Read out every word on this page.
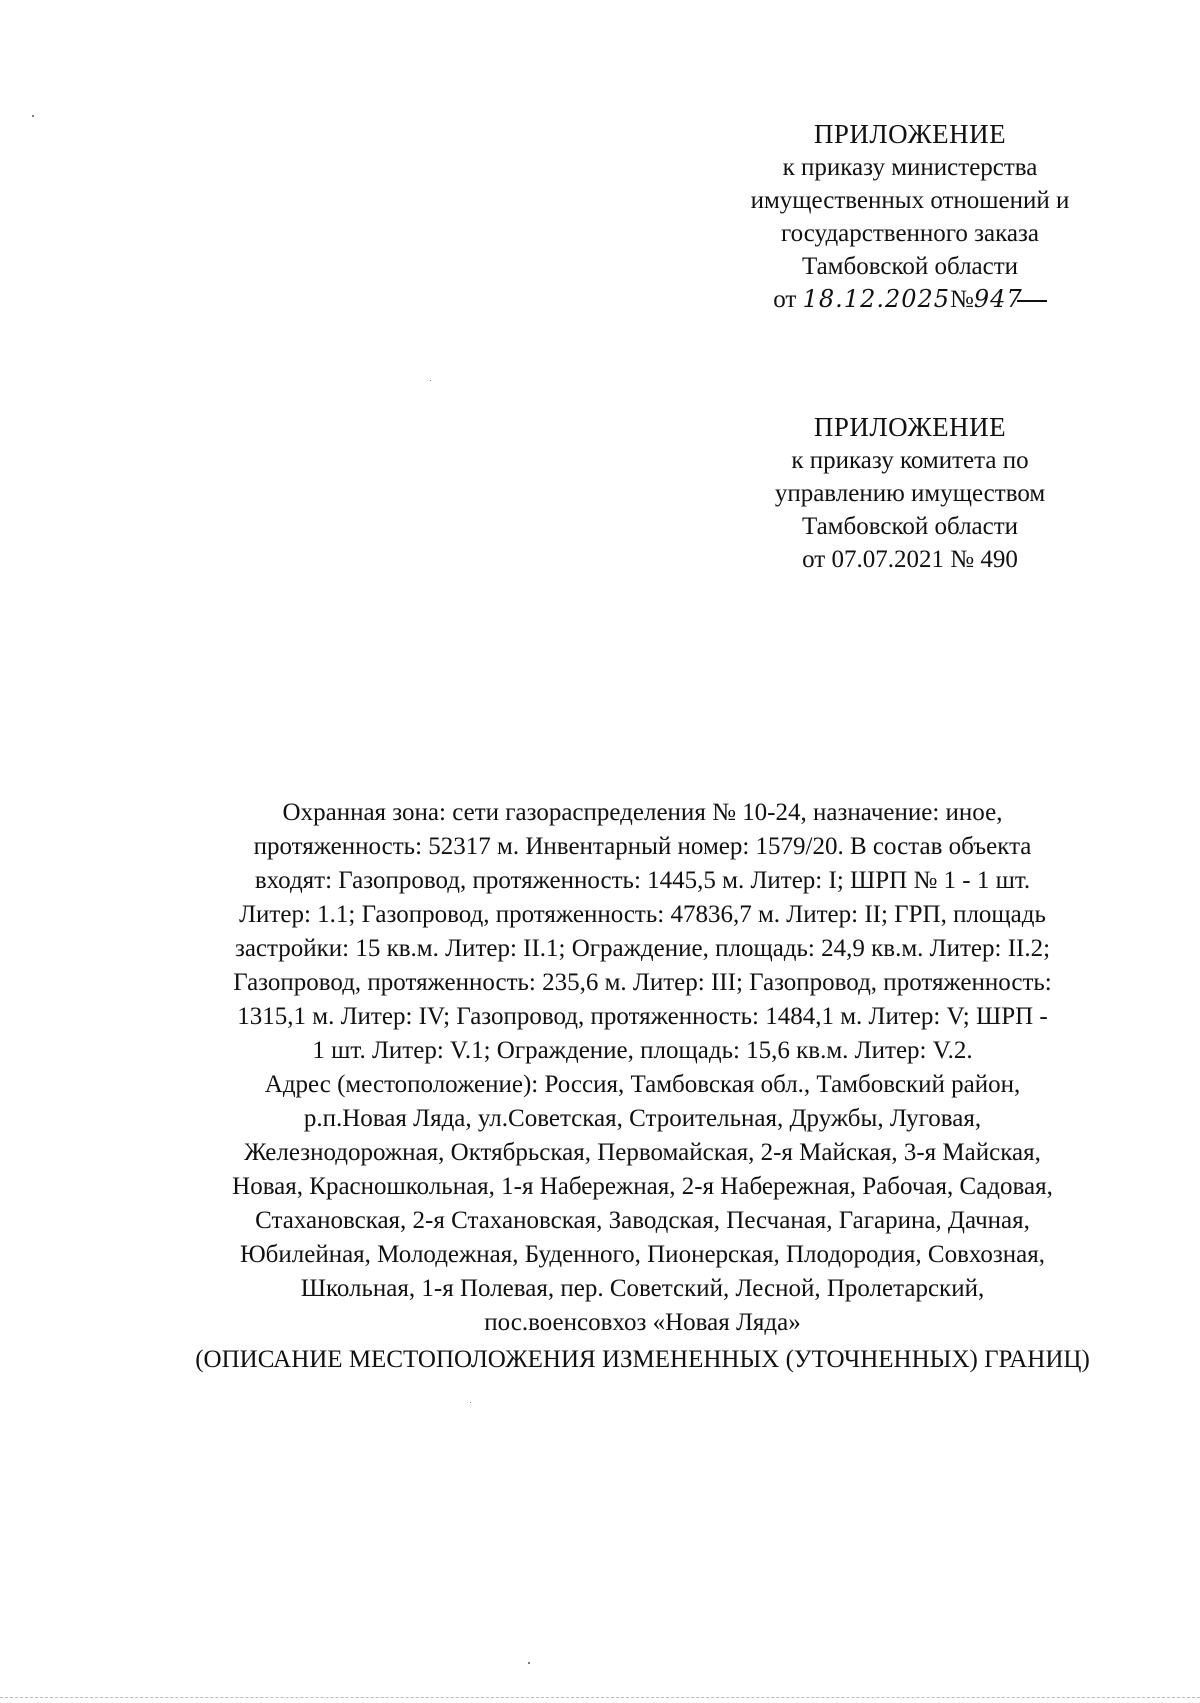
ПРИЛОЖЕНИЕ
к приказу министерства
имущественных отношений и
государственного заказа
Тамбовской области
от 18.12.2025№947
ПРИЛОЖЕНИЕ
к приказу комитета по
управлению имуществом
Тамбовской области
от 07.07.2021 № 490
Охранная зона: сети газораспределения № 10-24, назначение: иное,
протяженность: 52317 м. Инвентарный номер: 1579/20. В состав объекта
входят: Газопровод, протяженность: 1445,5 м. Литер: I; ШРП № 1 - 1 шт.
Литер: 1.1; Газопровод, протяженность: 47836,7 м. Литер: II; ГРП, площадь
застройки: 15 кв.м. Литер: II.1; Ограждение, площадь: 24,9 кв.м. Литер: II.2;
Газопровод, протяженность: 235,6 м. Литер: III; Газопровод, протяженность:
1315,1 м. Литер: IV; Газопровод, протяженность: 1484,1 м. Литер: V; ШРП -
1 шт. Литер: V.1; Ограждение, площадь: 15,6 кв.м. Литер: V.2.
Адрес (местоположение): Россия, Тамбовская обл., Тамбовский район,
р.п.Новая Ляда, ул.Советская, Строительная, Дружбы, Луговая,
Железнодорожная, Октябрьская, Первомайская, 2-я Майская, 3-я Майская,
Новая, Красношкольная, 1-я Набережная, 2-я Набережная, Рабочая, Садовая,
Стахановская, 2-я Стахановская, Заводская, Песчаная, Гагарина, Дачная,
Юбилейная, Молодежная, Буденного, Пионерская, Плодородия, Совхозная,
Школьная, 1-я Полевая, пер. Советский, Лесной, Пролетарский,
пос.военсовхоз «Новая Ляда»
(ОПИСАНИЕ МЕСТОПОЛОЖЕНИЯ ИЗМЕНЕННЫХ (УТОЧНЕННЫХ) ГРАНИЦ)
